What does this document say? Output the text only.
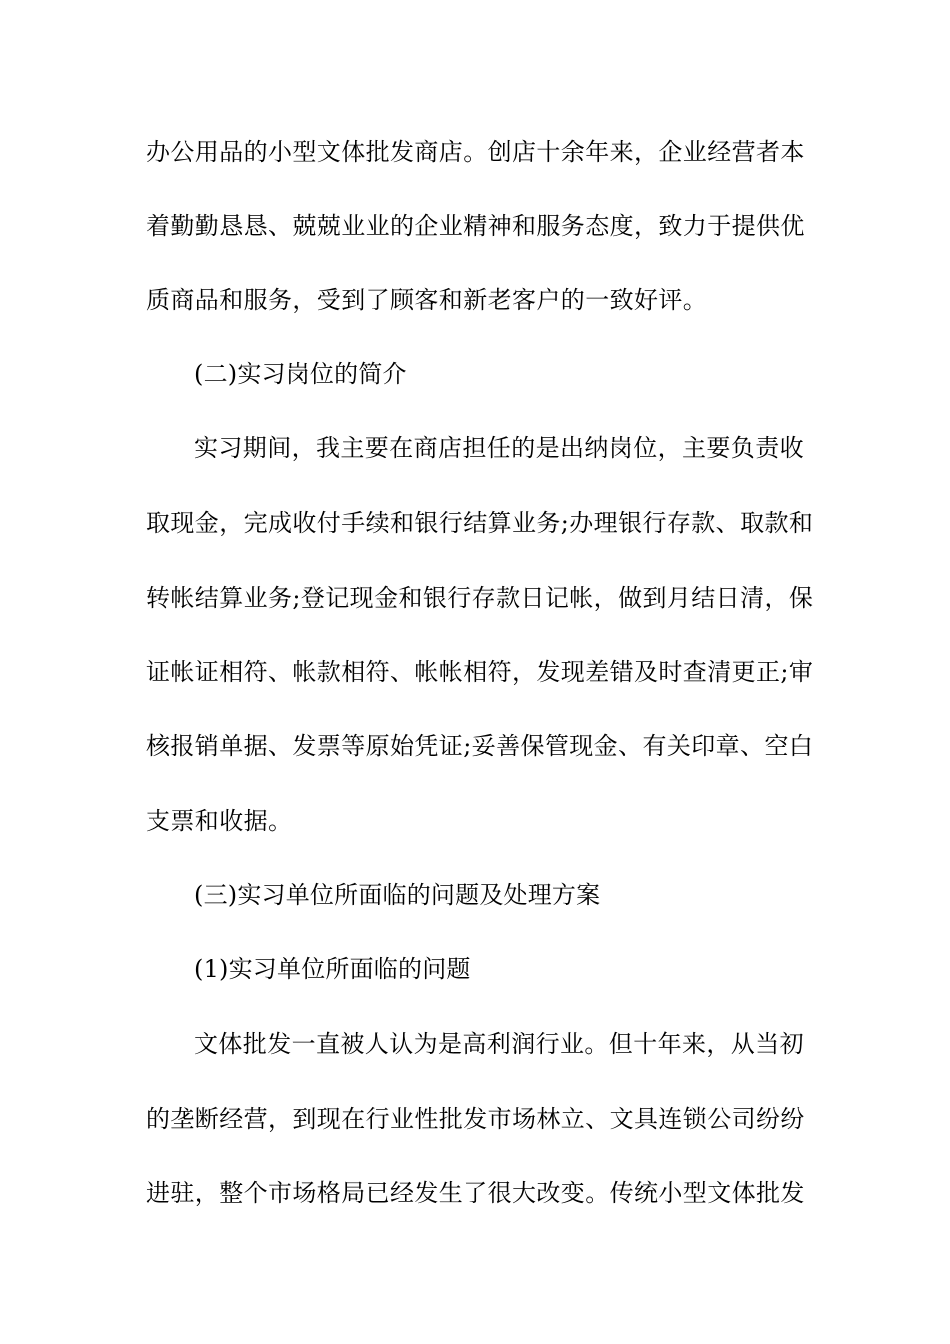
办公用品的小型文体批发商店。创店十余年来，企业经营者本
着勤勤恳恳、兢兢业业的企业精神和服务态度，致力于提供优
质商品和服务，受到了顾客和新老客户的一致好评。
(二)实习岗位的简介
实习期间，我主要在商店担任的是出纳岗位，主要负责收
取现金，完成收付手续和银行结算业务;办理银行存款、取款和
转帐结算业务;登记现金和银行存款日记帐，做到月结日清，保
证帐证相符、帐款相符、帐帐相符，发现差错及时查清更正;审
核报销单据、发票等原始凭证;妥善保管现金、有关印章、空白
支票和收据。
(三)实习单位所面临的问题及处理方案
(1)实习单位所面临的问题
文体批发一直被人认为是高利润行业。但十年来，从当初
的垄断经营，到现在行业性批发市场林立、文具连锁公司纷纷
进驻，整个市场格局已经发生了很大改变。传统小型文体批发
